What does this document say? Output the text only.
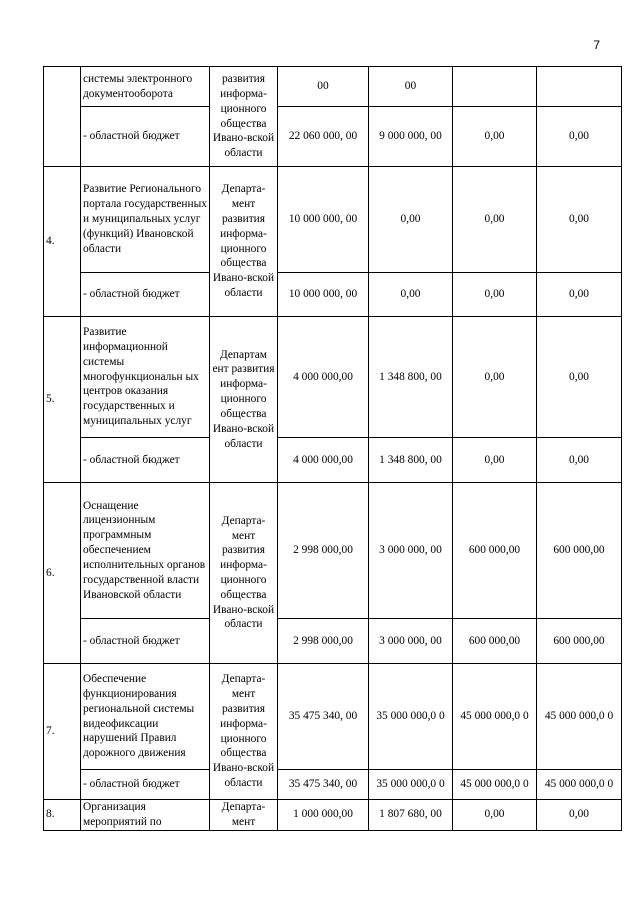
7
	системы электронного документооборота	развития информа-ционного общества Ивано-вской области	00	00		
	- областной бюджет		22 060 000, 00	9 000 000, 00	0,00	0,00
4.	Развитие Регионального портала государственных и муниципальных услуг (функций) Ивановской области	Департа-мент развития информа-ционного общества Ивано-вской области	10 000 000, 00	0,00	0,00	0,00
	- областной бюджет		10 000 000, 00	0,00	0,00	0,00
5.	Развитие информационной системы многофункциональн ых центров оказания государственных и муниципальных услуг	Департам ент развития информа-ционного общества Ивано-вской области	4 000 000,00	1 348 800, 00	0,00	0,00
	- областной бюджет		4 000 000,00	1 348 800, 00	0,00	0,00
6.	Оснащение лицензионным программным обеспечением исполнительных органов государственной власти Ивановской области	Департа-мент развития информа-ционного общества Ивано-вской области	2 998 000,00	3 000 000, 00	600 000,00	600 000,00
	- областной бюджет		2 998 000,00	3 000 000, 00	600 000,00	600 000,00
7.	Обеспечение функционирования региональной системы видеофиксации нарушений Правил дорожного движения	Департа-мент развития информа-ционного общества Ивано-вской области	35 475 340, 00	35 000 000,0 0	45 000 000,0 0	45 000 000,0 0
	- областной бюджет		35 475 340, 00	35 000 000,0 0	45 000 000,0 0	45 000 000,0 0
8.	Организация мероприятий по	Департа-мент	1 000 000,00	1 807 680, 00	0,00	0,00
